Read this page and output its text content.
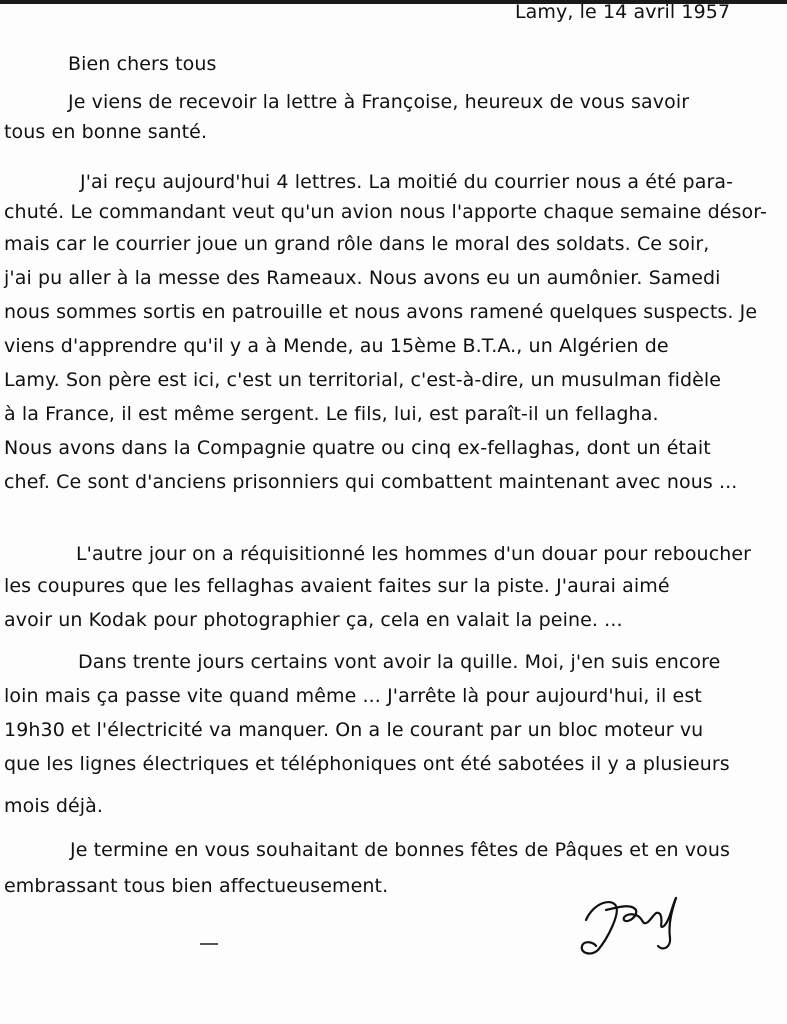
Lamy, le 14 avril 1957
Bien chers tous
Je viens de recevoir la lettre à Françoise, heureux de vous savoir
tous en bonne santé.
J'ai reçu aujourd'hui 4 lettres. La moitié du courrier nous a été para-
chuté. Le commandant veut qu'un avion nous l'apporte chaque semaine désor-
mais car le courrier joue un grand rôle dans le moral des soldats. Ce soir,
j'ai pu aller à la messe des Rameaux. Nous avons eu un aumônier. Samedi
nous sommes sortis en patrouille et nous avons ramené quelques suspects. Je
viens d'apprendre qu'il y a à Mende, au 15ème B.T.A., un Algérien de
Lamy. Son père est ici, c'est un territorial, c'est-à-dire, un musulman fidèle
à la France, il est même sergent. Le fils, lui, est paraît-il un fellagha.
Nous avons dans la Compagnie quatre ou cinq ex-fellaghas, dont un était
chef. Ce sont d'anciens prisonniers qui combattent maintenant avec nous ...
L'autre jour on a réquisitionné les hommes d'un douar pour reboucher
les coupures que les fellaghas avaient faites sur la piste. J'aurai aimé
avoir un Kodak pour photographier ça, cela en valait la peine. ...
Dans trente jours certains vont avoir la quille. Moi, j'en suis encore
loin mais ça passe vite quand même ... J'arrête là pour aujourd'hui, il est
19h30 et l'électricité va manquer. On a le courant par un bloc moteur vu
que les lignes électriques et téléphoniques ont été sabotées il y a plusieurs
mois déjà.
Je termine en vous souhaitant de bonnes fêtes de Pâques et en vous
embrassant tous bien affectueusement.
